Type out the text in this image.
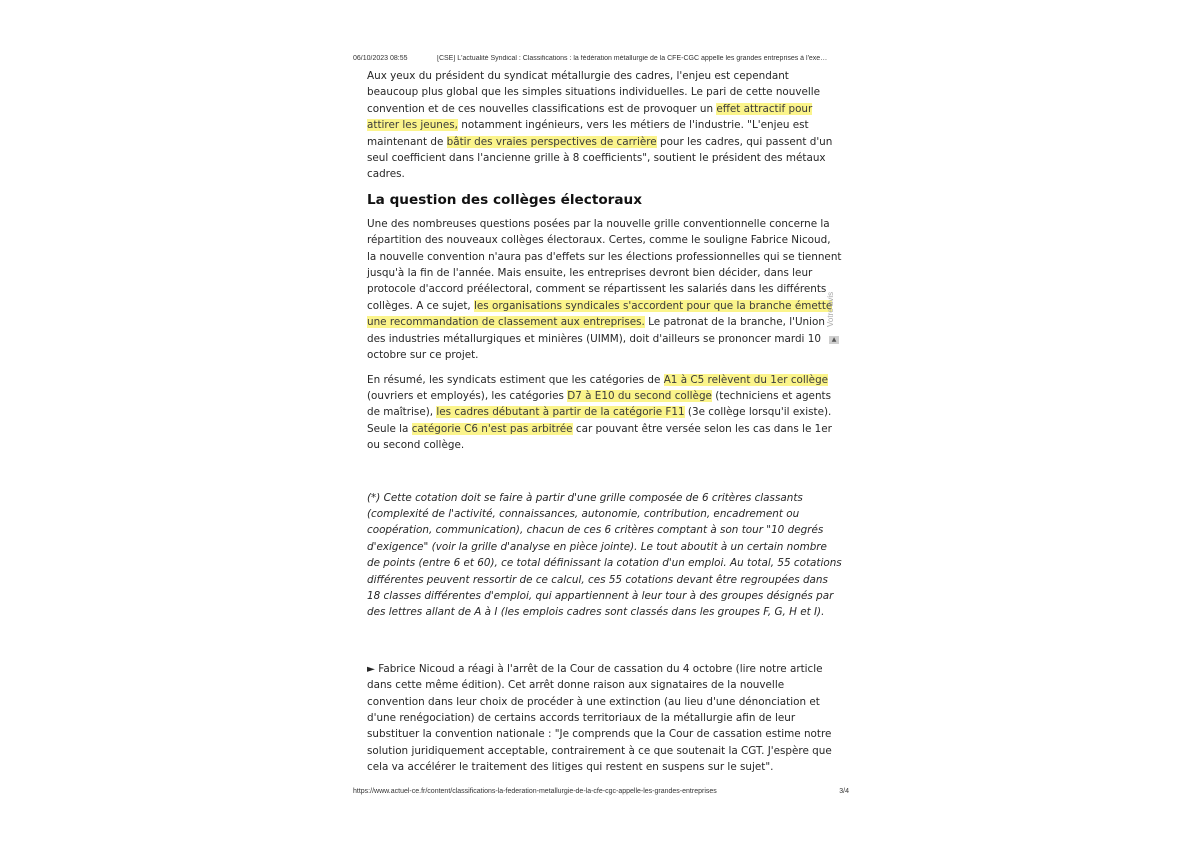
06/10/2023 08:55	[CSE] L'actualité Syndical : Classifications : la fédération métallurgie de la CFE-CGC appelle les grandes entreprises à l'exe…

Aux yeux du président du syndicat métallurgie des cadres, l'enjeu est cependant beaucoup plus global que les simples situations individuelles. Le pari de cette nouvelle convention et de ces nouvelles classifications est de provoquer un effet attractif pour attirer les jeunes, notamment ingénieurs, vers les métiers de l'industrie. "L'enjeu est maintenant de bâtir des vraies perspectives de carrière pour les cadres, qui passent d'un seul coefficient dans l'ancienne grille à 8 coefficients", soutient le président des métaux cadres.

La question des collèges électoraux

Une des nombreuses questions posées par la nouvelle grille conventionnelle concerne la répartition des nouveaux collèges électoraux. Certes, comme le souligne Fabrice Nicoud, la nouvelle convention n'aura pas d'effets sur les élections professionnelles qui se tiennent jusqu'à la fin de l'année. Mais ensuite, les entreprises devront bien décider, dans leur protocole d'accord préélectoral, comment se répartissent les salariés dans les différents collèges. A ce sujet, les organisations syndicales s'accordent pour que la branche émette une recommandation de classement aux entreprises. Le patronat de la branche, l'Union des industries métallurgiques et minières (UIMM), doit d'ailleurs se prononcer mardi 10 octobre sur ce projet.

En résumé, les syndicats estiment que les catégories de A1 à C5 relèvent du 1er collège (ouvriers et employés), les catégories D7 à E10 du second collège (techniciens et agents de maîtrise), les cadres débutant à partir de la catégorie F11 (3e collège lorsqu'il existe). Seule la catégorie C6 n'est pas arbitrée car pouvant être versée selon les cas dans le 1er ou second collège.

(*) Cette cotation doit se faire à partir d'une grille composée de 6 critères classants (complexité de l'activité, connaissances, autonomie, contribution, encadrement ou coopération, communication), chacun de ces 6 critères comptant à son tour "10 degrés d'exigence" (voir la grille d'analyse en pièce jointe). Le tout aboutit à un certain nombre de points (entre 6 et 60), ce total définissant la cotation d'un emploi. Au total, 55 cotations différentes peuvent ressortir de ce calcul, ces 55 cotations devant être regroupées dans 18 classes différentes d'emploi, qui appartiennent à leur tour à des groupes désignés par des lettres allant de A à I (les emplois cadres sont classés dans les groupes F, G, H et I).

► Fabrice Nicoud a réagi à l'arrêt de la Cour de cassation du 4 octobre (lire notre article dans cette même édition). Cet arrêt donne raison aux signataires de la nouvelle convention dans leur choix de procéder à une extinction (au lieu d'une dénonciation et d'une renégociation) de certains accords territoriaux de la métallurgie afin de leur substituer la convention nationale : "Je comprends que la Cour de cassation estime notre solution juridiquement acceptable, contrairement à ce que soutenait la CGT. J'espère que cela va accélérer le traitement des litiges qui restent en suspens sur le sujet".

Votre avis
▲
https://www.actuel-ce.fr/content/classifications-la-federation-metallurgie-de-la-cfe-cgc-appelle-les-grandes-entreprises	3/4
